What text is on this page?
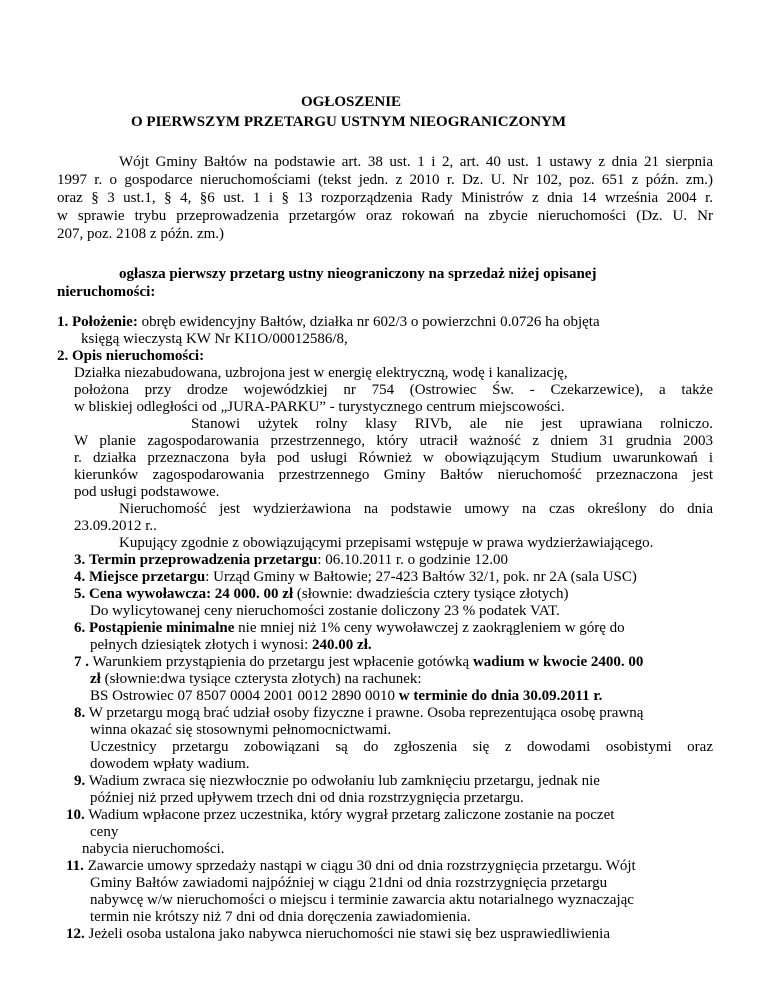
OGŁOSZENIE
O PIERWSZYM PRZETARGU USTNYM NIEOGRANICZONYM
Wójt Gminy Bałtów na podstawie art. 38 ust. 1 i 2, art. 40 ust. 1 ustawy z dnia 21 sierpnia
1997 r. o gospodarce nieruchomościami (tekst jedn. z 2010 r. Dz. U. Nr 102, poz. 651 z późn. zm.)
oraz § 3 ust.1, § 4, §6 ust. 1 i § 13 rozporządzenia Rady Ministrów z dnia 14 września 2004 r.
w sprawie trybu przeprowadzenia przetargów oraz rokowań na zbycie nieruchomości (Dz. U. Nr
207, poz. 2108 z późn. zm.)
ogłasza pierwszy przetarg ustny nieograniczony na sprzedaż niżej opisanej
nieruchomości:
1. Położenie: obręb ewidencyjny Bałtów, działka nr 602/3 o powierzchni 0.0726 ha objęta
księgą wieczystą KW Nr KI1O/00012586/8,
2. Opis nieruchomości:
Działka niezabudowana, uzbrojona jest w energię elektryczną, wodę i kanalizację,
położona przy drodze wojewódzkiej nr 754 (Ostrowiec Św. - Czekarzewice), a także
w bliskiej odległości od „JURA-PARKU” - turystycznego centrum miejscowości.
Stanowi użytek rolny klasy RIVb, ale nie jest uprawiana rolniczo.
W planie zagospodarowania przestrzennego, który utracił ważność z dniem 31 grudnia 2003
r. działka przeznaczona była pod usługi Również w obowiązującym Studium uwarunkowań i
kierunków zagospodarowania przestrzennego Gminy Bałtów nieruchomość przeznaczona jest
pod usługi podstawowe.
Nieruchomość jest wydzierżawiona na podstawie umowy na czas określony do dnia
23.09.2012 r..
Kupujący zgodnie z obowiązującymi przepisami wstępuje w prawa wydzierżawiającego.
3. Termin przeprowadzenia przetargu: 06.10.2011 r. o godzinie 12.00
4. Miejsce przetargu: Urząd Gminy w Bałtowie; 27-423 Bałtów 32/1, pok. nr 2A (sala USC)
5. Cena wywoławcza: 24 000. 00 zł (słownie: dwadzieścia cztery tysiące złotych)
Do wylicytowanej ceny nieruchomości zostanie doliczony 23 % podatek VAT.
6. Postąpienie minimalne nie mniej niż 1% ceny wywoławczej z zaokrągleniem w górę do
pełnych dziesiątek złotych i wynosi: 240.00 zł.
7 . Warunkiem przystąpienia do przetargu jest wpłacenie gotówką wadium w kwocie 2400. 00
zł (słownie:dwa tysiące czterysta złotych) na rachunek:
BS Ostrowiec 07 8507 0004 2001 0012 2890 0010 w terminie do dnia 30.09.2011 r.
8. W przetargu mogą brać udział osoby fizyczne i prawne. Osoba reprezentująca osobę prawną
winna okazać się stosownymi pełnomocnictwami.
Uczestnicy przetargu zobowiązani są do zgłoszenia się z dowodami osobistymi oraz
dowodem wpłaty wadium.
9. Wadium zwraca się niezwłocznie po odwołaniu lub zamknięciu przetargu, jednak nie
później niż przed upływem trzech dni od dnia rozstrzygnięcia przetargu.
10. Wadium wpłacone przez uczestnika, który wygrał przetarg zaliczone zostanie na poczet
ceny
nabycia nieruchomości.
11. Zawarcie umowy sprzedaży nastąpi w ciągu 30 dni od dnia rozstrzygnięcia przetargu. Wójt
Gminy Bałtów zawiadomi najpóźniej w ciągu 21dni od dnia rozstrzygnięcia przetargu
nabywcę w/w nieruchomości o miejscu i terminie zawarcia aktu notarialnego wyznaczając
termin nie krótszy niż 7 dni od dnia doręczenia zawiadomienia.
12. Jeżeli osoba ustalona jako nabywca nieruchomości nie stawi się bez usprawiedliwienia
